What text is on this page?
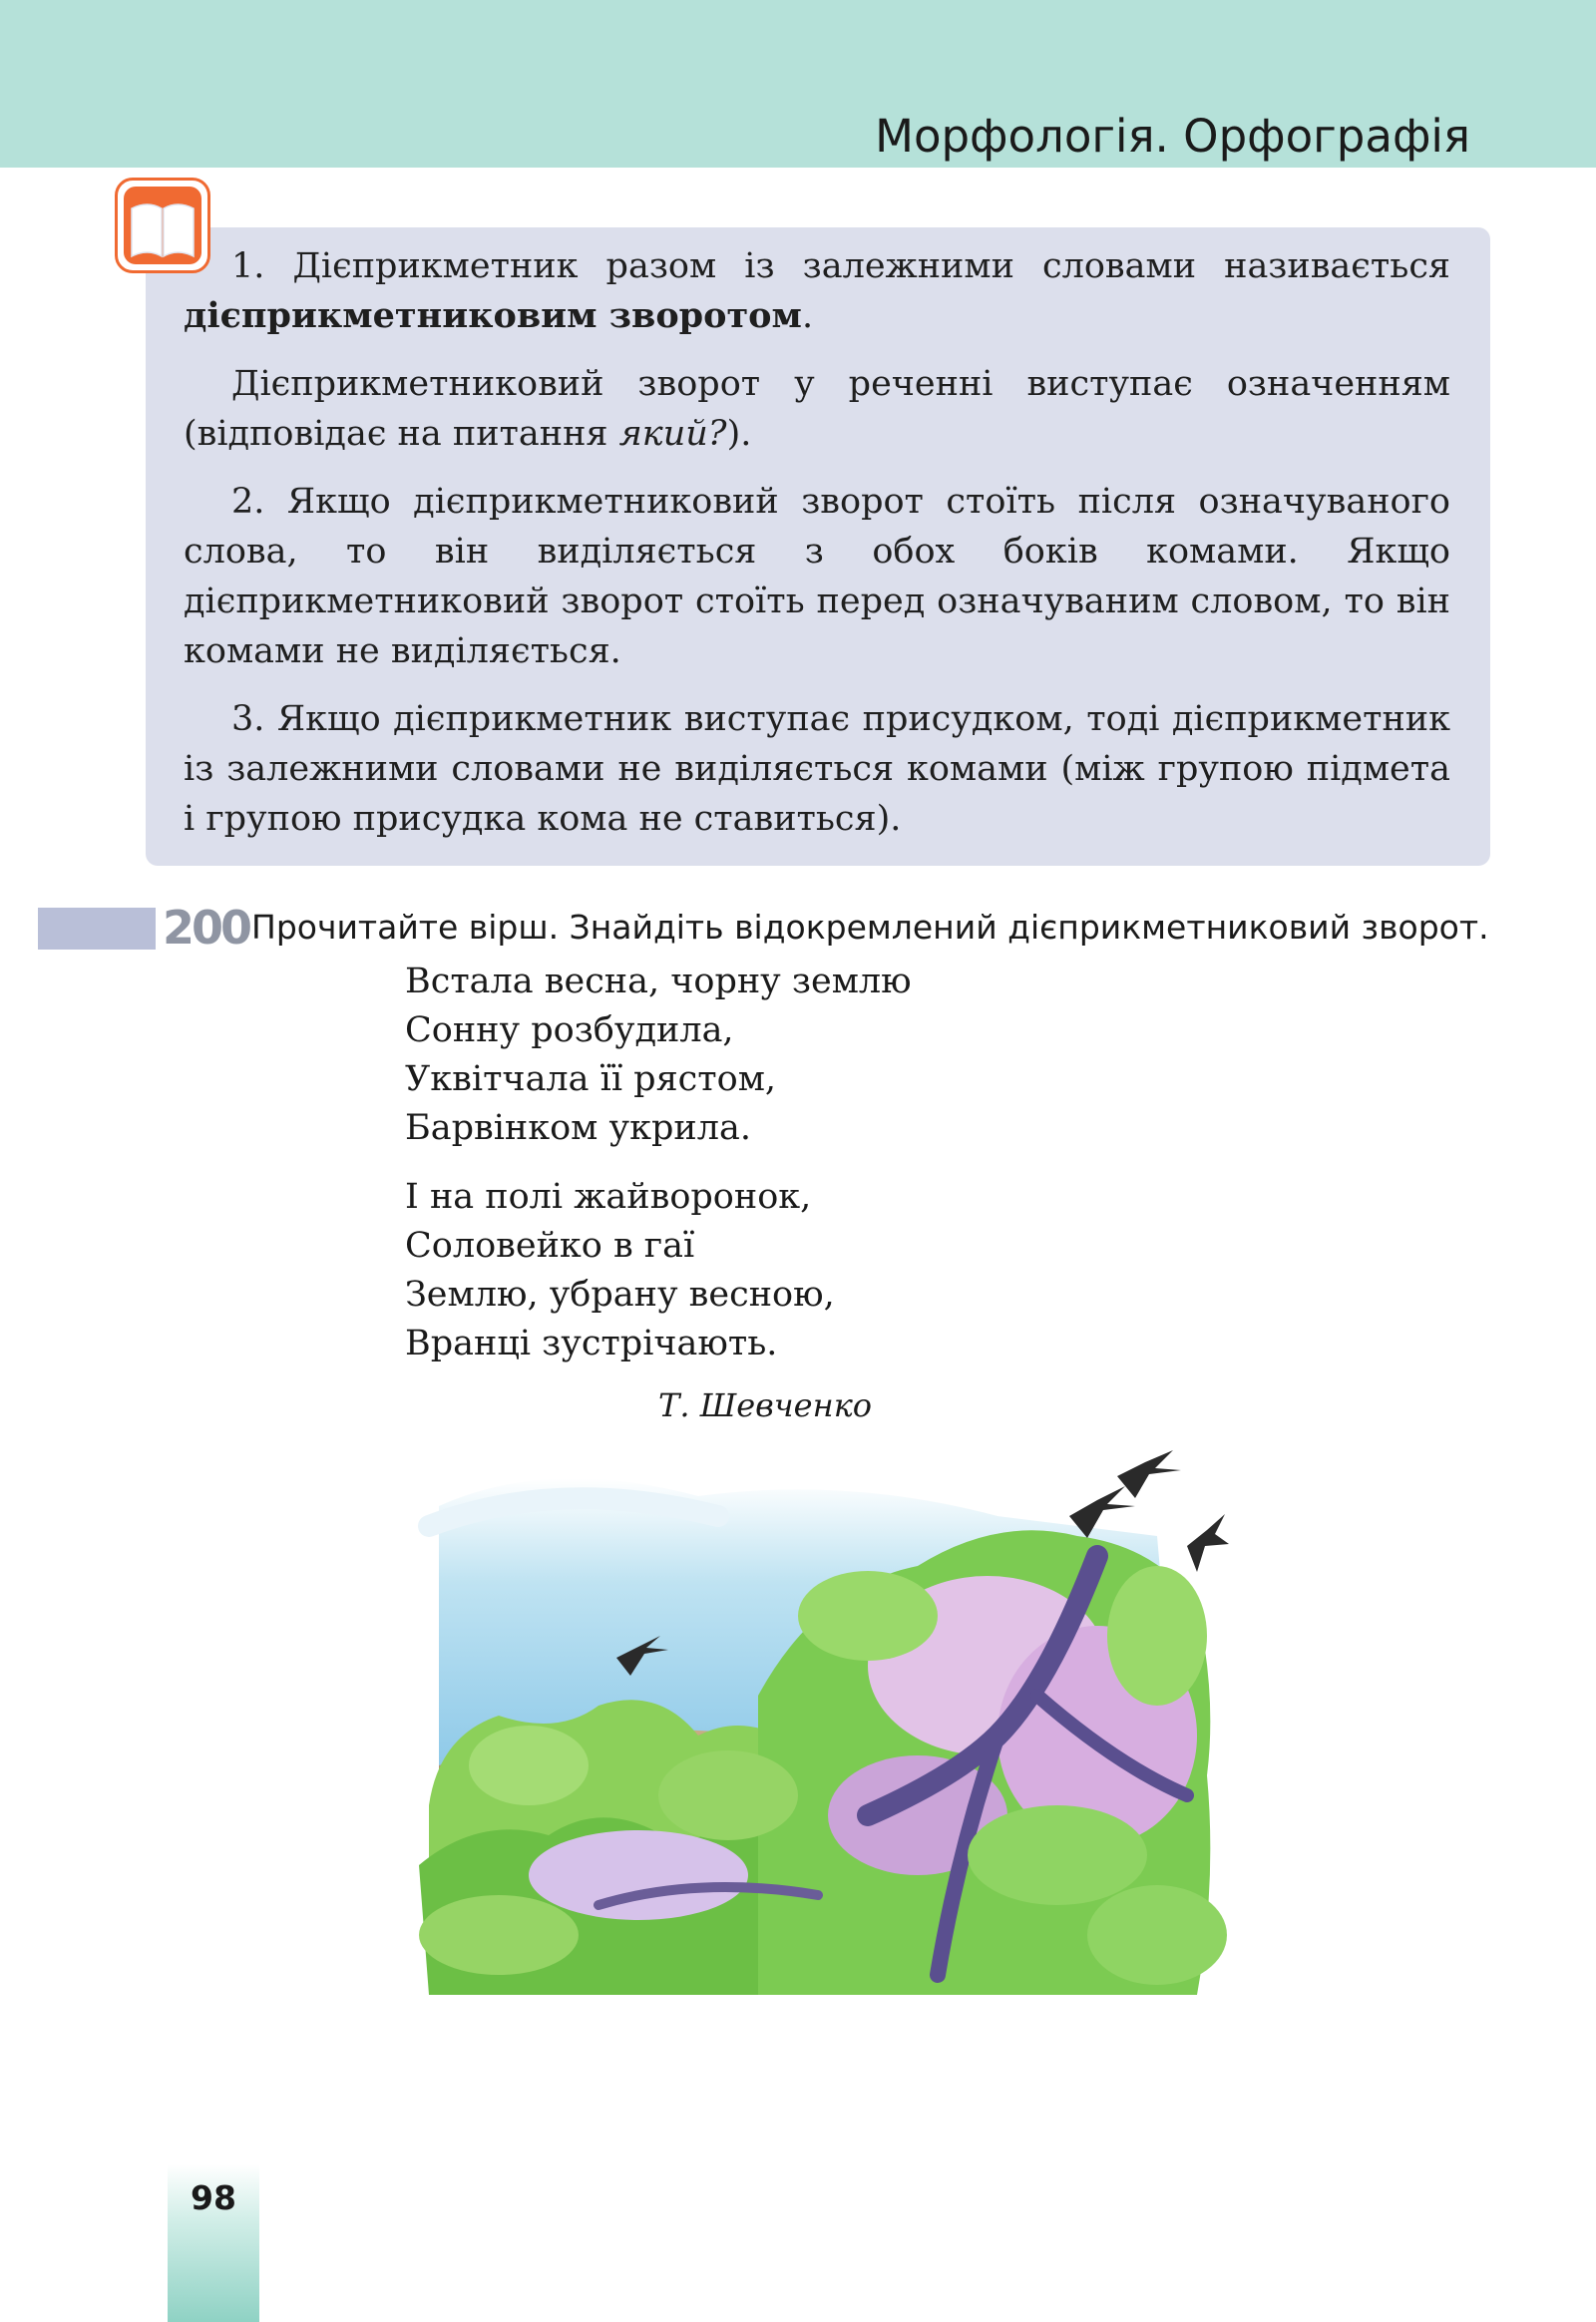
Морфологія. Орфографія

1. Дієприкметник разом із залежними словами називається дієприкметниковим зворотом.

Дієприкметниковий зворот у реченні виступає означенням (відповідає на питання який?).

2. Якщо дієприкметниковий зворот стоїть після означуваного слова, то він виділяється з обох боків комами. Якщо дієприкметниковий зворот стоїть перед означуваним словом, то він комами не виділяється.

3. Якщо дієприкметник виступає присудком, тоді дієприкметник із залежними словами не виділяється комами (між групою підмета і групою присудка кома не ставиться).

200 Прочитайте вірш. Знайдіть відокремлений дієприкметниковий зворот.
Встала весна, чорну землю
Сонну розбудила,
Уквітчала її рястом,
Барвінком укрила.
І на полі жайворонок,
Соловейко в гаї
Землю, убрану весною,
Вранці зустрічають.
Т. Шевченко
98
